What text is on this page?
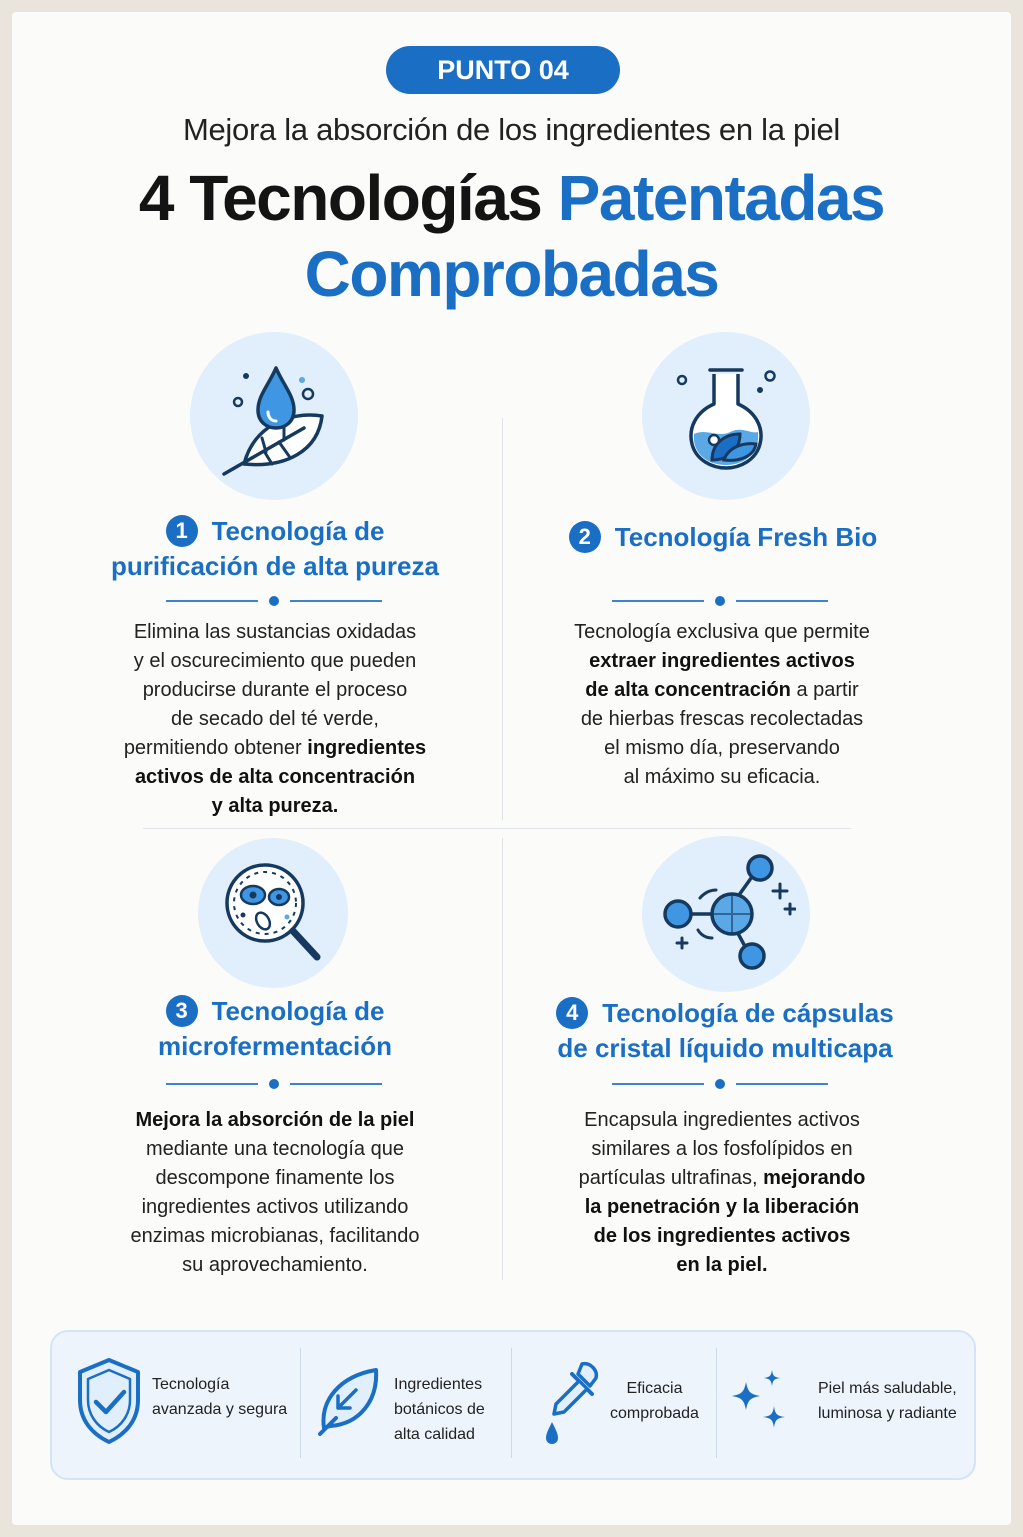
PUNTO 04
Mejora la absorción de los ingredientes en la piel
4 Tecnologías Patentadas
Comprobadas
1 Tecnología de
purificación de alta pureza
Elimina las sustancias oxidadas
y el oscurecimiento que pueden
producirse durante el proceso
de secado del té verde,
permitiendo obtener ingredientes
activos de alta concentración
y alta pureza.
2 Tecnología Fresh Bio
Tecnología exclusiva que permite
extraer ingredientes activos
de alta concentración a partir
de hierbas frescas recolectadas
el mismo día, preservando
al máximo su eficacia.
3 Tecnología de
microfermentación
Mejora la absorción de la piel
mediante una tecnología que
descompone finamente los
ingredientes activos utilizando
enzimas microbianas, facilitando
su aprovechamiento.
4 Tecnología de cápsulas
de cristal líquido multicapa
Encapsula ingredientes activos
similares a los fosfolípidos en
partículas ultrafinas, mejorando
la penetración y la liberación
de los ingredientes activos
en la piel.
Tecnología
avanzada y segura
Ingredientes
botánicos de
alta calidad
Eficacia
comprobada
Piel más saludable,
luminosa y radiante
